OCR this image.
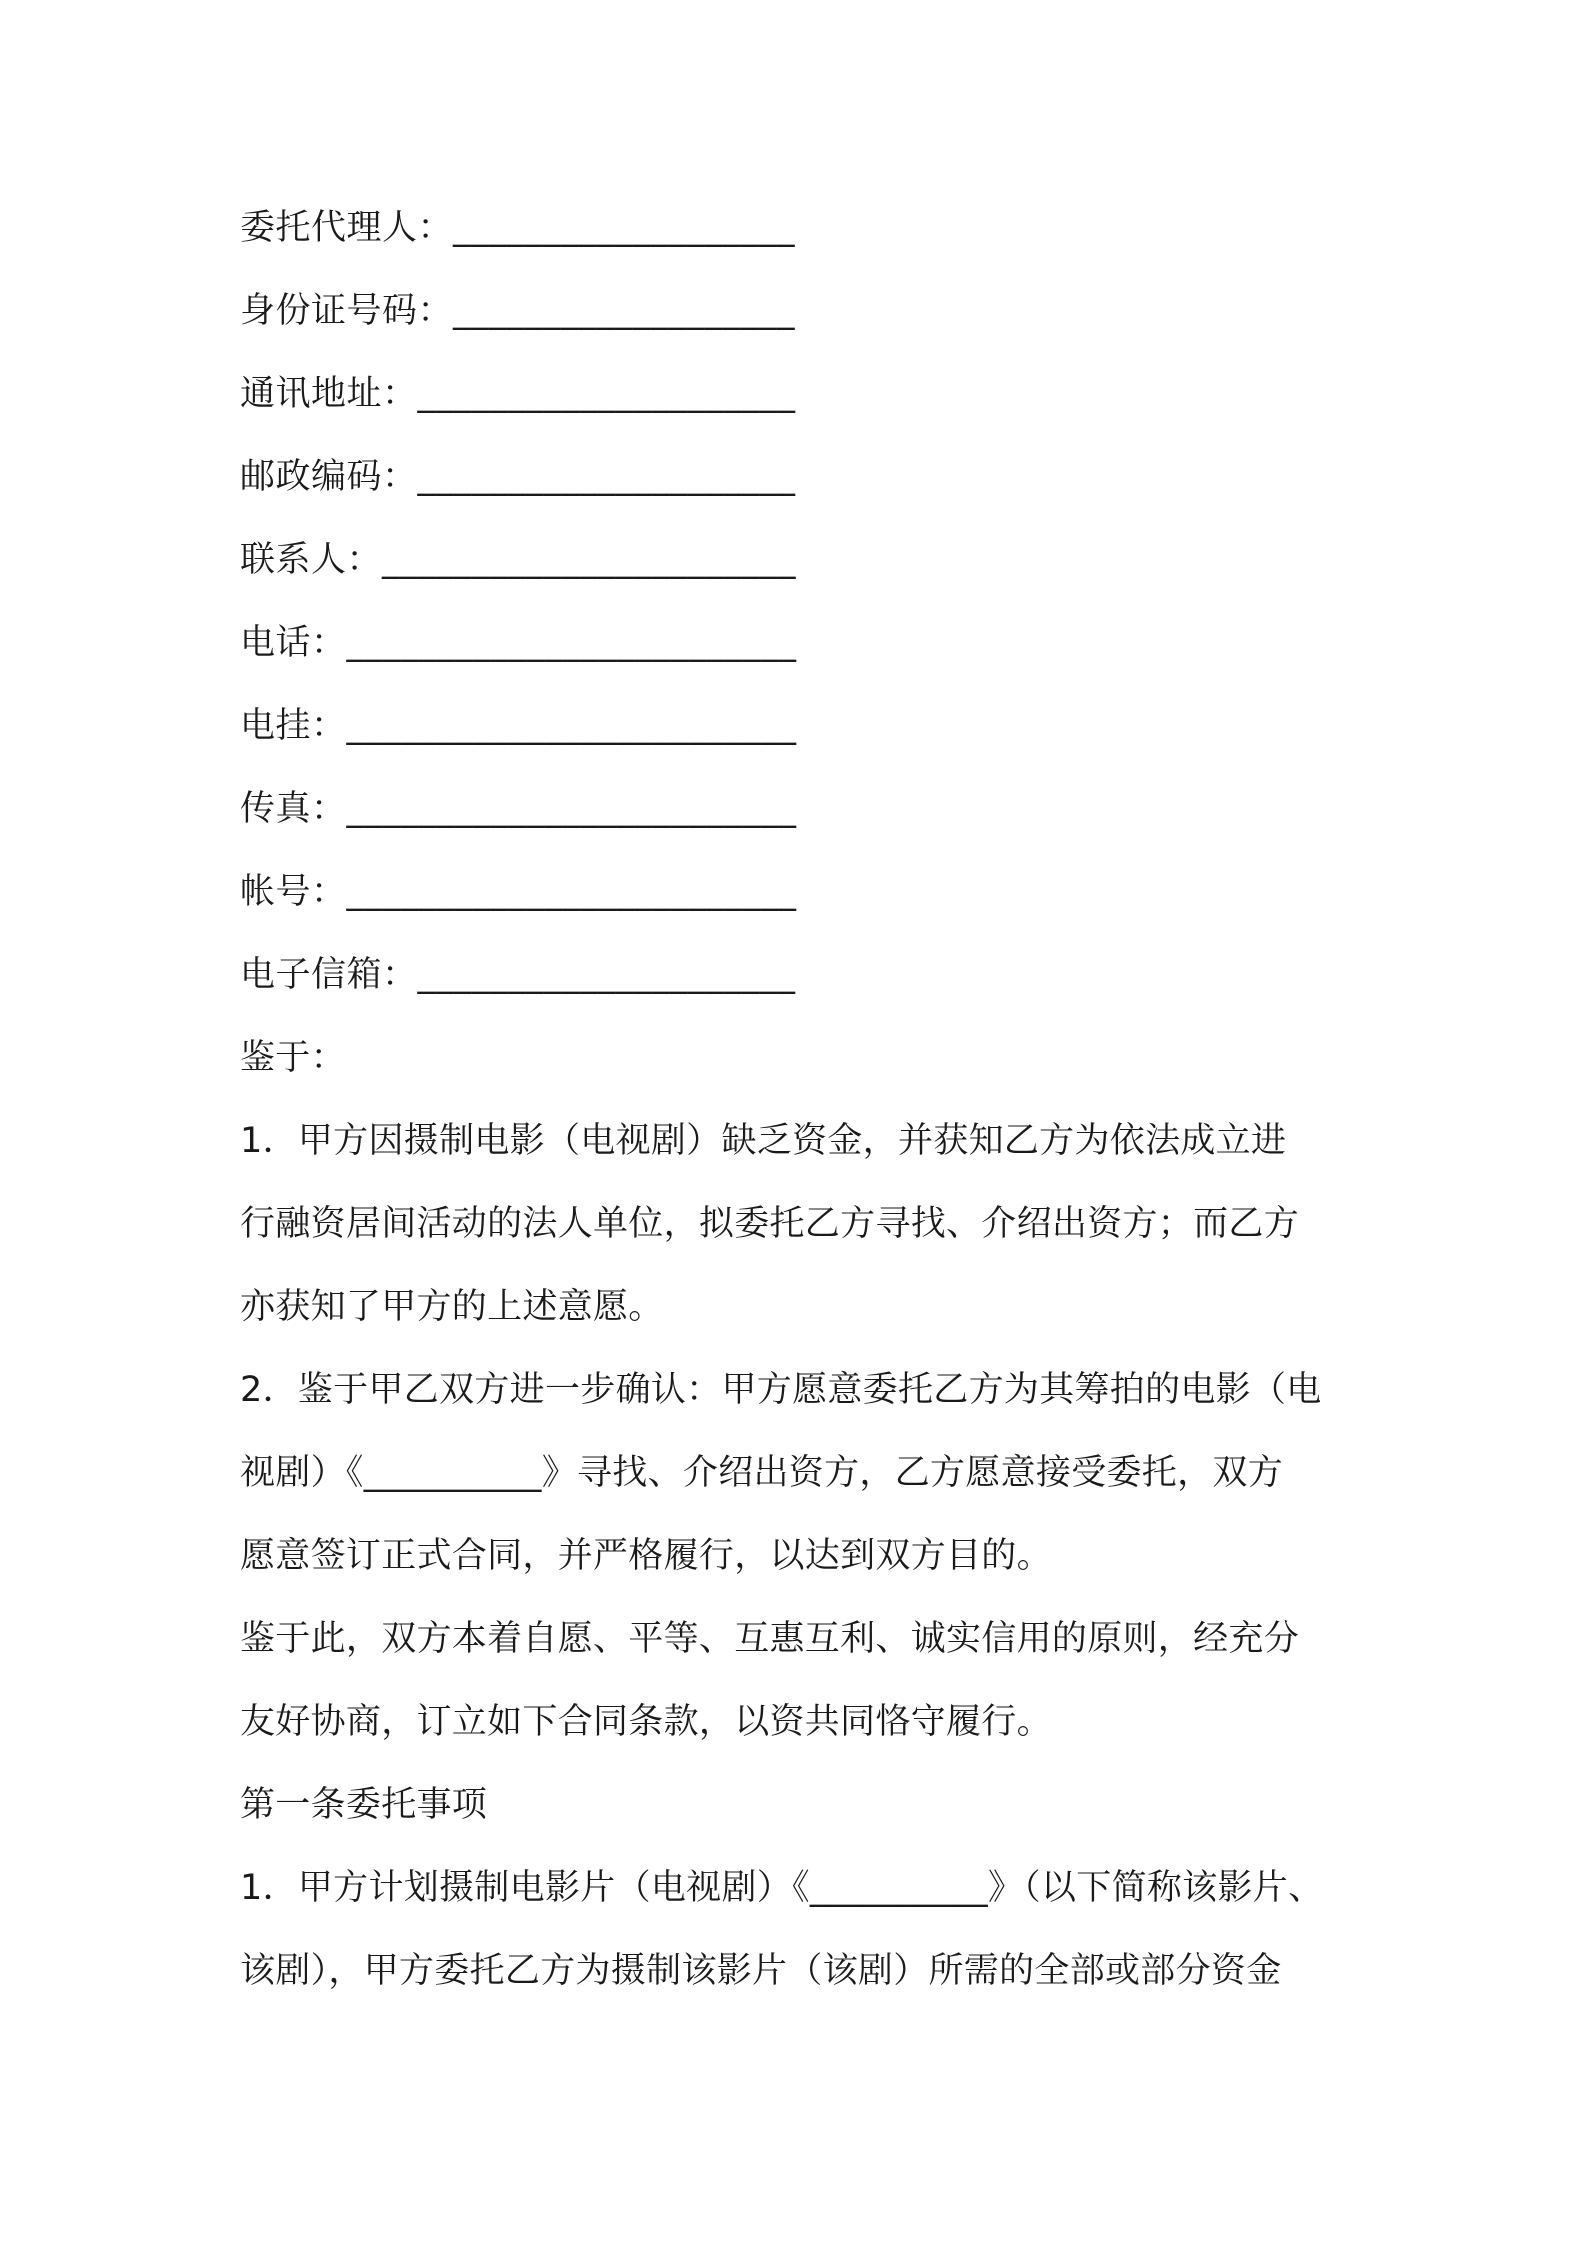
委托代理人：___________________
身份证号码：___________________
通讯地址：_____________________
邮政编码：_____________________
联系人：_______________________
电话：_________________________
电挂：_________________________
传真：_________________________
帐号：_________________________
电子信箱：_____________________
鉴于：
1．甲方因摄制电影（电视剧）缺乏资金，并获知乙方为依法成立进
行融资居间活动的法人单位，拟委托乙方寻找、介绍出资方；而乙方
亦获知了甲方的上述意愿。
2．鉴于甲乙双方进一步确认：甲方愿意委托乙方为其筹拍的电影（电
视剧）《__________》寻找、介绍出资方，乙方愿意接受委托，双方
愿意签订正式合同，并严格履行，以达到双方目的。
鉴于此，双方本着自愿、平等、互惠互利、诚实信用的原则，经充分
友好协商，订立如下合同条款，以资共同恪守履行。
第一条委托事项
1．甲方计划摄制电影片（电视剧）《__________》（以下简称该影片、
该剧），甲方委托乙方为摄制该影片（该剧）所需的全部或部分资金
